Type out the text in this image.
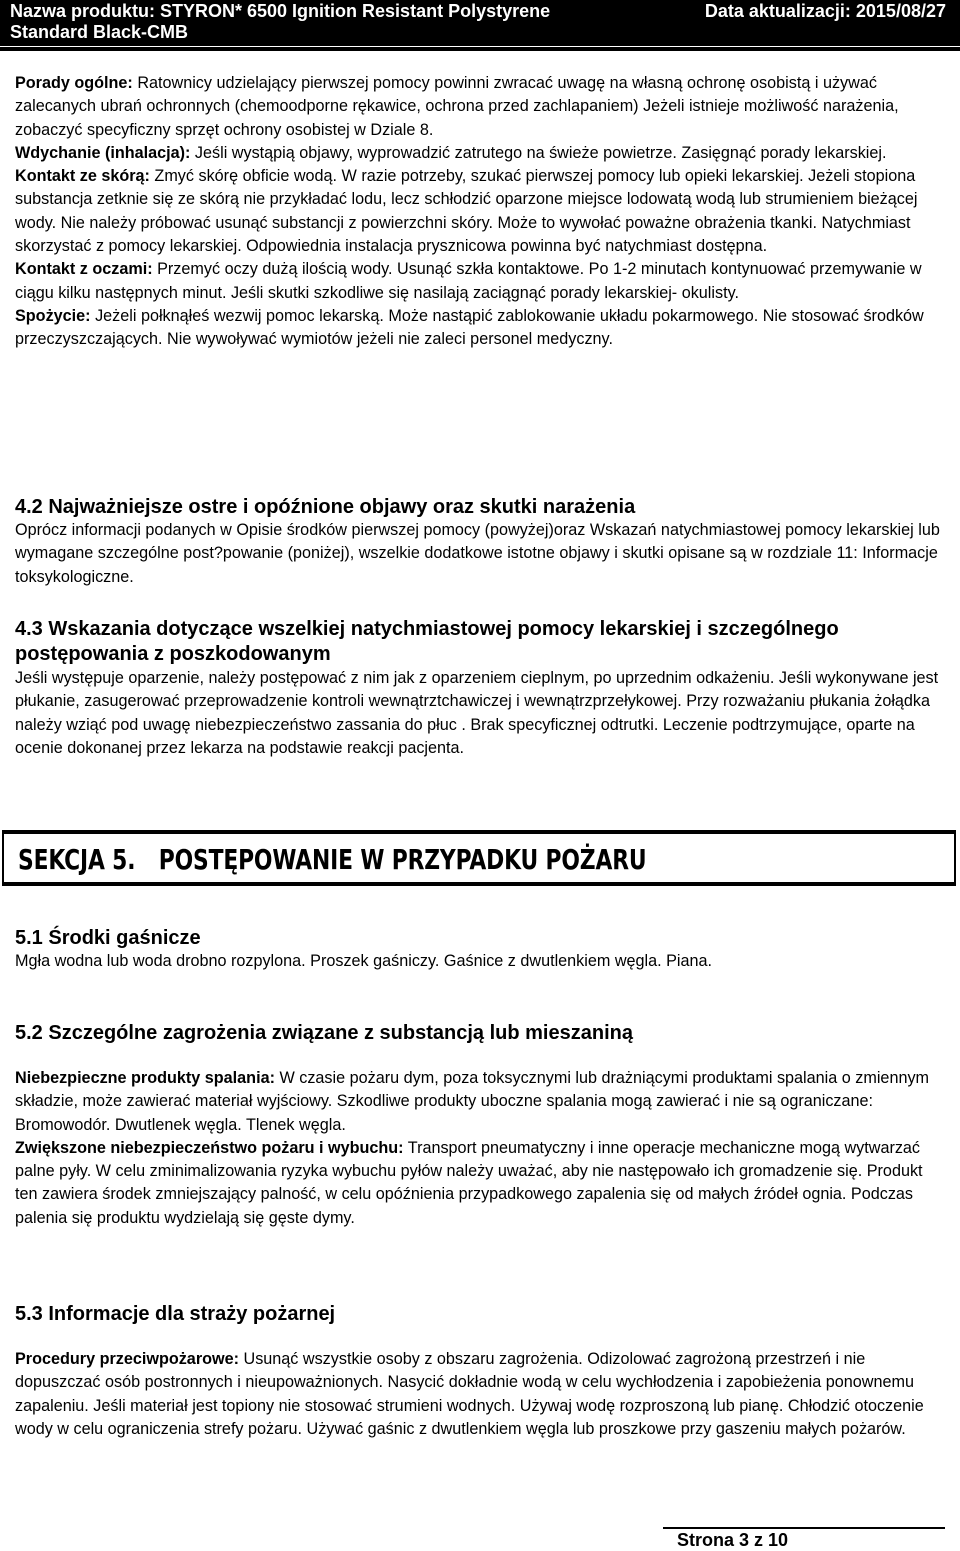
Nazwa produktu: STYRON* 6500 Ignition Resistant Polystyrene	Data aktualizacji: 2015/08/27
Standard Black-CMB

Porady ogólne: Ratownicy udzielający pierwszej pomocy powinni zwracać uwagę na własną ochronę osobistą i używać zalecanych ubrań ochronnych (chemoodporne rękawice, ochrona przed zachlapaniem) Jeżeli istnieje możliwość narażenia, zobaczyć specyficzny sprzęt ochrony osobistej w Dziale 8.

Wdychanie (inhalacja): Jeśli wystąpią objawy, wyprowadzić zatrutego na świeże powietrze. Zasięgnąć porady lekarskiej.

Kontakt ze skórą: Zmyć skórę obficie wodą. W razie potrzeby, szukać pierwszej pomocy lub opieki lekarskiej. Jeżeli stopiona substancja zetknie się ze skórą nie przykładać lodu, lecz schłodzić oparzone miejsce lodowatą wodą lub strumieniem bieżącej wody. Nie należy próbować usunąć substancji z powierzchni skóry. Może to wywołać poważne obrażenia tkanki. Natychmiast skorzystać z pomocy lekarskiej. Odpowiednia instalacja prysznicowa powinna być natychmiast dostępna.

Kontakt z oczami: Przemyć oczy dużą ilością wody. Usunąć szkła kontaktowe. Po 1-2 minutach kontynuować przemywanie w ciągu kilku następnych minut. Jeśli skutki szkodliwe się nasilają zaciągnąć porady lekarskiej- okulisty.

Spożycie: Jeżeli połknąłeś wezwij pomoc lekarską. Może nastąpić zablokowanie układu pokarmowego. Nie stosować środków przeczyszczających. Nie wywoływać wymiotów jeżeli nie zaleci personel medyczny.

4.2 Najważniejsze ostre i opóźnione objawy oraz skutki narażenia

Oprócz informacji podanych w Opisie środków pierwszej pomocy (powyżej)oraz Wskazań natychmiastowej pomocy lekarskiej lub wymagane szczególne post?powanie (poniżej), wszelkie dodatkowe istotne objawy i skutki opisane są w rozdziale 11: Informacje toksykologiczne.

4.3 Wskazania dotyczące wszelkiej natychmiastowej pomocy lekarskiej i szczególnego postępowania z poszkodowanym

Jeśli występuje oparzenie, należy postępować z nim jak z oparzeniem cieplnym, po uprzednim odkażeniu. Jeśli wykonywane jest płukanie, zasugerować przeprowadzenie kontroli wewnątrztchawiczej i wewnątrzprzełykowej. Przy rozważaniu płukania żołądka należy wziąć pod uwagę niebezpieczeństwo zassania do płuc . Brak specyficznej odtrutki. Leczenie podtrzymujące, oparte na ocenie dokonanej przez lekarza na podstawie reakcji pacjenta.

SEKCJA 5. POSTĘPOWANIE W PRZYPADKU POŻARU
5.1 Środki gaśnicze

Mgła wodna lub woda drobno rozpylona. Proszek gaśniczy. Gaśnice z dwutlenkiem węgla. Piana.

5.2 Szczególne zagrożenia związane z substancją lub mieszaniną

Niebezpieczne produkty spalania: W czasie pożaru dym, poza toksycznymi lub drażniącymi produktami spalania o zmiennym składzie, może zawierać materiał wyjściowy. Szkodliwe produkty uboczne spalania mogą zawierać i nie są ograniczane: Bromowodór. Dwutlenek węgla. Tlenek węgla.

Zwiększone niebezpieczeństwo pożaru i wybuchu: Transport pneumatyczny i inne operacje mechaniczne mogą wytwarzać palne pyły. W celu zminimalizowania ryzyka wybuchu pyłów należy uważać, aby nie następowało ich gromadzenie się. Produkt ten zawiera środek zmniejszający palność, w celu opóźnienia przypadkowego zapalenia się od małych źródeł ognia. Podczas palenia się produktu wydzielają się gęste dymy.

5.3 Informacje dla straży pożarnej

Procedury przeciwpożarowe: Usunąć wszystkie osoby z obszaru zagrożenia. Odizolować zagrożoną przestrzeń i nie dopuszczać osób postronnych i nieupoważnionych. Nasycić dokładnie wodą w celu wychłodzenia i zapobieżenia ponownemu zapaleniu. Jeśli materiał jest topiony nie stosować strumieni wodnych. Używaj wodę rozproszoną lub pianę. Chłodzić otoczenie wody w celu ograniczenia strefy pożaru. Używać gaśnic z dwutlenkiem węgla lub proszkowe przy gaszeniu małych pożarów.

Strona 3 z 10
